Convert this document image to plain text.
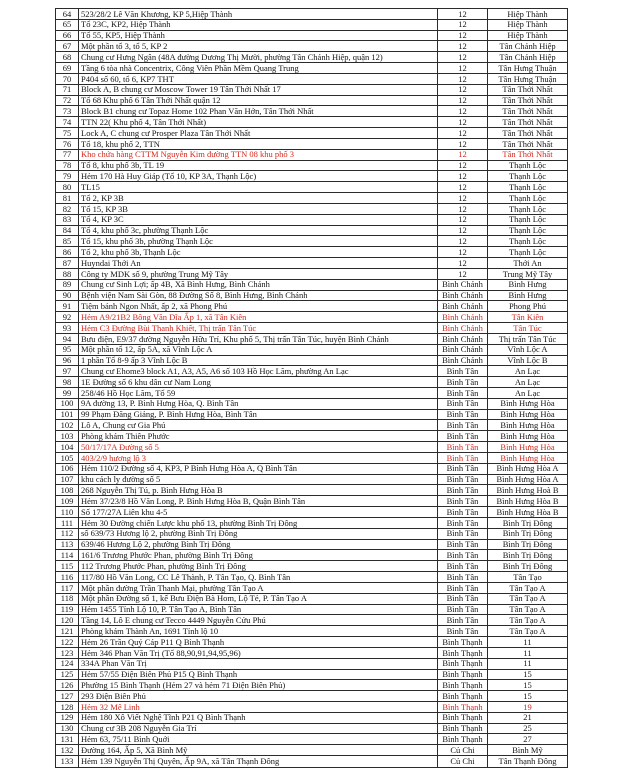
64	523/28/2 Lê Văn Khương, KP 5,Hiệp Thành	12	Hiệp Thành
65	Tổ 23C, KP2, Hiệp Thành	12	Hiệp Thành
66	Tổ 55, KP5, Hiệp Thành	12	Hiệp Thành
67	Một phần tổ 3, tổ 5, KP 2	12	Tân Chánh Hiệp
68	Chung cư Hưng Ngân (48A đường Dương Thị Mười, phường Tân Chánh Hiệp, quận 12)	12	Tân Chánh Hiệp
69	Tầng 6 tòa nhà Concentrix, Công Viên Phần Mềm Quang Trung	12	Tân Hưng Thuận
70	P404 số 60, tổ 6, KP7 THT	12	Tân Hưng Thuận
71	Block A, B chung cư Moscow Tower 19 Tân Thới Nhất 17	12	Tân Thới Nhất
72	Tổ 68 Khu phố 6 Tân Thới Nhất quận 12	12	Tân Thới Nhất
73	Block B1 chung cư Topaz Home 102 Phan Văn Hớn, Tân Thới Nhất	12	Tân Thới Nhất
74	TTN 22( Khu phố 4, Tân Thới Nhất)	12	Tân Thới Nhất
75	Lock A, C chung cư Prosper Plaza Tân Thới Nhất	12	Tân Thới Nhất
76	Tổ 18, khu phố 2, TTN	12	Tân Thới Nhất
77	Kho chứa hàng CTTM Nguyễn Kim đường TTN 08 khu phố 3	12	Tân Thới Nhất
78	Tổ 8, khu phố 3b, TL 19	12	Thạnh Lộc
79	Hẻm 170 Hà Huy Giáp (Tổ 10, KP 3A, Thạnh Lộc)	12	Thạnh Lộc
80	TL15	12	Thạnh Lộc
81	Tổ 2, KP 3B	12	Thạnh Lộc
82	Tổ 15, KP 3B	12	Thạnh Lộc
83	Tổ 4, KP 3C	12	Thạnh Lộc
84	Tổ 4, khu phố 3c, phường Thạnh Lộc	12	Thạnh Lộc
85	Tổ 15, khu phố 3b, phường Thạnh Lộc	12	Thạnh Lộc
86	Tổ 2, khu phố 3b, Thạnh Lộc	12	Thạnh Lộc
87	Huyndai Thới An	12	Thới An
88	Công ty MDK số 9, phường Trung Mỹ Tây	12	Trung Mỹ Tây
89	Chung cư Sinh Lợi; ấp 4B, Xã Bình Hưng, Bình Chánh	Bình Chánh	Bình Hưng
90	Bệnh viện Nam Sài Gòn, 88 Đường Số 8, Bình Hưng, Bình Chánh	Bình Chánh	Bình Hưng
91	Tiệm bánh Ngon Nhất, ấp 2, xã Phong Phú	Bình Chánh	Phong Phú
92	Hẻm A9/21B2 Bông Văn Dĩa Ấp 1, xã Tân Kiên	Bình Chánh	Tân Kiên
93	Hẻm C3 Đường Bùi Thanh Khiết, Thị trấn Tân Túc	Bình Chánh	Tân Túc
94	Bưu điện, E9/37 đường Nguyễn Hữu Trí, Khu phố 5, Thị trấn Tân Túc, huyện Bình Chánh	Bình Chánh	Thị trấn Tân Túc
95	Một phần tổ 12, ấp 5A, xã Vĩnh Lộc A	Bình Chánh	Vĩnh Lộc A
96	1 phần Tổ 8-9 ấp 3 Vĩnh Lộc B	Bình Chánh	Vĩnh Lộc B
97	Chung cư Ehome3 block A1, A3, A5, A6 số 103 Hồ Học Lãm, phường An Lạc	Bình Tân	An Lạc
98	1E Đường số 6 khu dân cư Nam Long	Bình Tân	An Lạc
99	258/46 Hồ Học Lãm, Tổ 59	Bình Tân	An Lạc
100	9A đường 13, P. Bình Hưng Hòa, Q. Bình Tân	Bình Tân	Bình Hưng Hòa
101	99 Phạm Đăng Giảng, P. Bình Hưng Hòa, Bình Tân	Bình Tân	Bình Hưng Hòa
102	Lô A, Chung cư Gia Phú	Bình Tân	Bình Hưng Hòa
103	Phòng khám Thiên Phước	Bình Tân	Bình Hưng Hòa
104	50/17/17A Đường số 5	Bình Tân	Bình Hưng Hòa
105	403/2/9 hương lộ 3	Bình Tân	Bình Hưng Hòa
106	Hẻm 110/2 Đường số 4, KP3, P Bình Hưng Hòa A, Q Bình Tân	Bình Tân	Bình Hưng Hòa A
107	khu cách ly đường số 5	Bình Tân	Bình Hưng Hòa A
108	268 Nguyễn Thị Tú, p. Bình Hưng Hòa B	Bình Tân	Bình Hưng Hoà B
109	Hẻm 37/23/8 Hồ Văn Long, P. Bình Hưng Hòa B, Quận Bình Tân	Bình Tân	Bình Hưng Hòa B
110	Số 177/27A Liên khu 4-5	Bình Tân	Bình Hưng Hòa B
111	Hẻm 30 Đường chiến Lược khu phố 13, phường Bình Trị Đông	Bình Tân	Bình Trị Đông
112	số 639/73 Hương lộ 2, phường Bình Trị Đông	Bình Tân	Bình Trị Đông
113	639/46 Hương Lộ 2, phường Bình Trị Đông	Bình Tân	Bình Trị Đông
114	161/6 Trương Phước Phan, phường Bình Trị Đông	Bình Tân	Bình Trị Đông
115	112 Trương Phước Phan, phường Bình Trị Đông	Bình Tân	Bình Trị Đông
116	117/80 Hồ Văn Long, CC Lê Thành, P. Tân Tạo, Q. Bình Tân	Bình Tân	Tân Tạo
117	Một phần đường Trần Thanh Mại, phường Tân Tạo A	Bình Tân	Tân Tạo A
118	Một phần Đường số 1, kế Bưu Điện Bà Hom, Lộ Tẻ, P. Tân Tạo A	Bình Tân	Tân Tạo A
119	Hẻm 1455 Tỉnh Lộ 10, P. Tân Tạo A, Bình Tân	Bình Tân	Tân Tạo A
120	Tầng 14, Lô E chung cư Tecco 4449 Nguyễn Cửu Phú	Bình Tân	Tân Tạo A
121	Phòng khám Thành An, 1691 Tỉnh lộ 10	Bình Tân	Tân Tạo A
122	Hẻm 26 Trần Quý Cáp P11 Q Bình Thạnh	Bình Thạnh	11
123	Hẻm 346 Phan Văn Trị (Tổ 88,90,91,94,95,96)	Bình Thạnh	11
124	334A Phan Văn Trị	Bình Thạnh	11
125	Hẻm 57/55 Điện Biên Phủ P15 Q Bình Thạnh	Bình Thạnh	15
126	Phường 15 Bình Thạnh (Hẻm 27 và hẻm 71 Điện Biên Phủ)	Bình Thạnh	15
127	293 Điện Biên Phủ	Bình Thạnh	15
128	Hẻm 32 Mê Linh	Bình Thạnh	19
129	Hẻm 180 Xô Viết Nghệ Tĩnh P21 Q Bình Thạnh	Bình Thạnh	21
130	Chung cư 3B 208 Nguyễn Gia Trí	Bình Thạnh	25
131	Hẻm 63, 75/11 Bình Quới	Bình Thạnh	27
132	Đường 164, Ấp 5, Xã Bình Mỹ	Củ Chi	Bình Mỹ
133	Hẻm 139 Nguyễn Thị Quyên, Ấp 9A, xã Tân Thạnh Đông	Củ Chi	Tân Thạnh Đông
